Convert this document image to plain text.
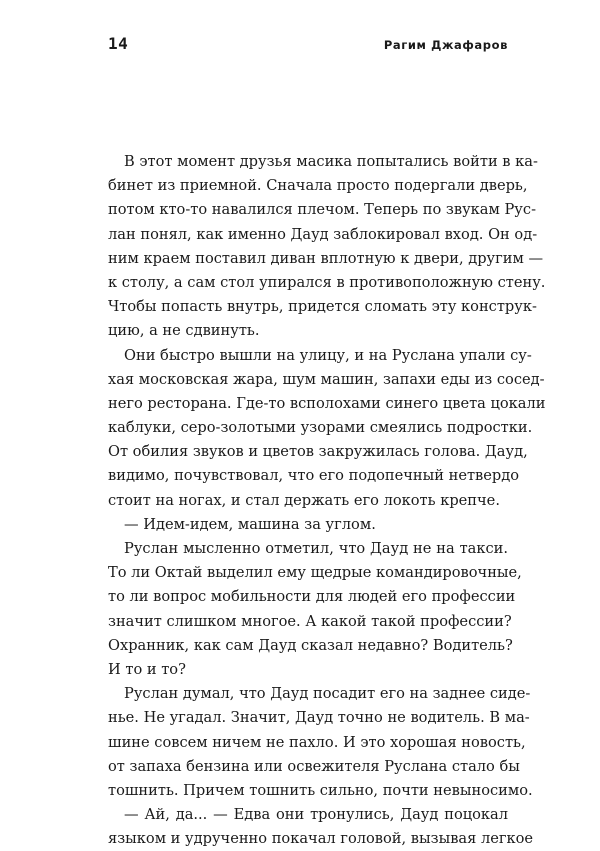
14	Рагим Джафаров
В этот момент друзья масика попытались войти в ка-
бинет из приемной. Сначала просто подергали дверь,
потом кто-то навалился плечом. Теперь по звукам Рус-
лан понял, как именно Дауд заблокировал вход. Он од-
ним краем поставил диван вплотную к двери, другим —
к столу, а сам стол упирался в противоположную стену.
Чтобы попасть внутрь, придется сломать эту конструк-
цию, а не сдвинуть.
Они быстро вышли на улицу, и на Руслана упали су-
хая московская жара, шум машин, запахи еды из сосед-
него ресторана. Где-то всполохами синего цвета цокали
каблуки, серо-золотыми узорами смеялись подростки.
От обилия звуков и цветов закружилась голова. Дауд,
видимо, почувствовал, что его подопечный нетвердо
стоит на ногах, и стал держать его локоть крепче.
— Идем-идем, машина за углом.
Руслан мысленно отметил, что Дауд не на такси.
То ли Октай выделил ему щедрые командировочные,
то ли вопрос мобильности для людей его профессии
значит слишком многое. А какой такой профессии?
Охранник, как сам Дауд сказал недавно? Водитель?
И то и то?
Руслан думал, что Дауд посадит его на заднее сиде-
нье. Не угадал. Значит, Дауд точно не водитель. В ма-
шине совсем ничем не пахло. И это хорошая новость,
от запаха бензина или освежителя Руслана стало бы
тошнить. Причем тошнить сильно, почти невыносимо.
— Ай, да... — Едва они тронулись, Дауд поцокал
языком и удрученно покачал головой, вызывая легкое
